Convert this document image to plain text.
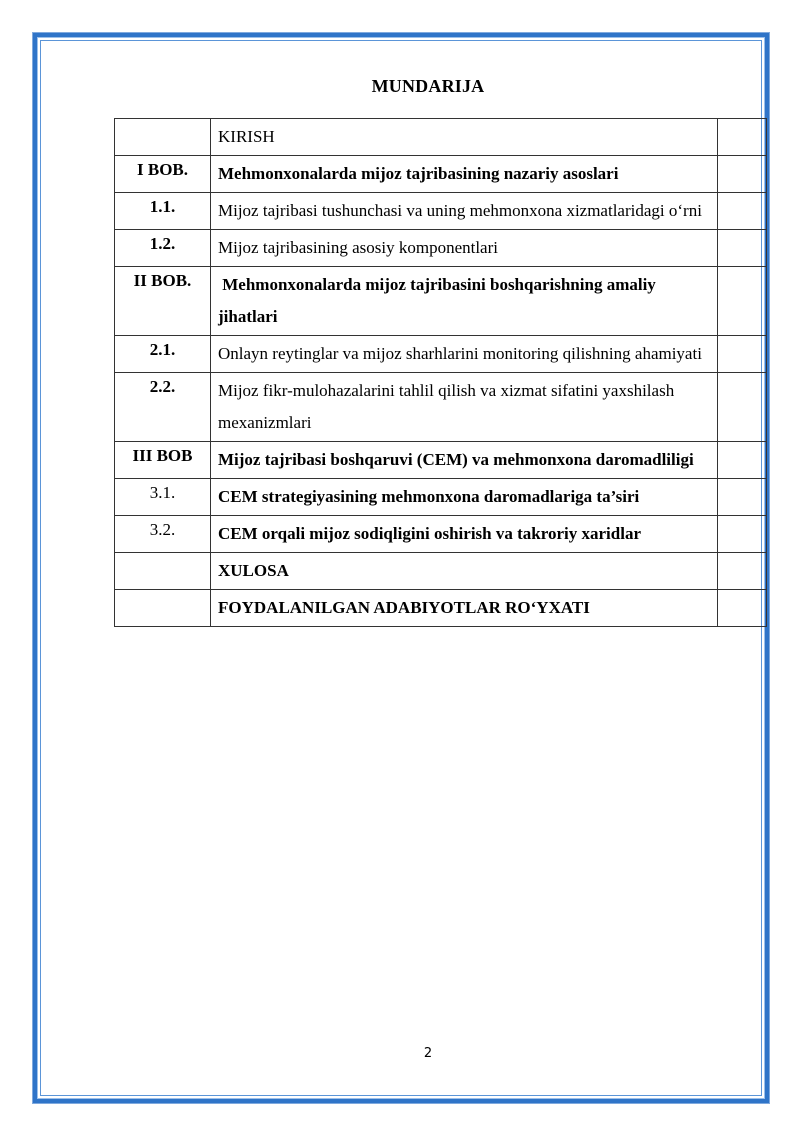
MUNDARIJA
	KIRISH	
I BOB.	Mehmonxonalarda mijoz tajribasining nazariy asoslari	
1.1.	Mijoz tajribasi tushunchasi va uning mehmonxona xizmatlaridagi o‘rni	
1.2.	Mijoz tajribasining asosiy komponentlari	
II BOB.	Mehmonxonalarda mijoz tajribasini boshqarishning amaliy jihatlari	
2.1.	Onlayn reytinglar va mijoz sharhlarini monitoring qilishning ahamiyati	
2.2.	Mijoz fikr-mulohazalarini tahlil qilish va xizmat sifatini yaxshilash mexanizmlari	
III BOB	Mijoz tajribasi boshqaruvi (CEM) va mehmonxona daromadliligi	
3.1.	CEM strategiyasining mehmonxona daromadlariga ta’siri	
3.2.	CEM orqali mijoz sodiqligini oshirish va takroriy xaridlar	
	XULOSA	
	FOYDALANILGAN ADABIYOTLAR RO‘YXATI	
2
